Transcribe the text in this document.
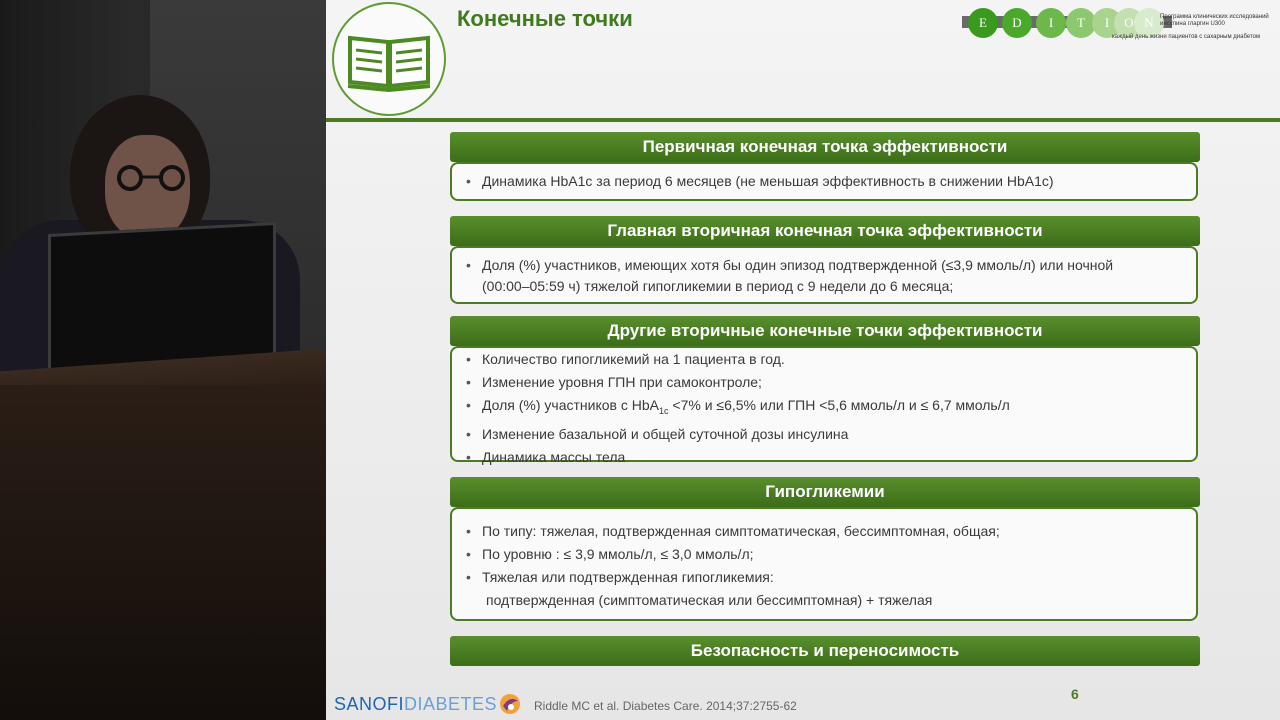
Конечные точки	E	D	I	T	I	O N	Программа клинических исследований инсулина гларгин U300
каждый день жизни пациентов с сахарным диабетом
Первичная конечная точка эффективности
• Динамика HbA1c за период 6 месяцев (не меньшая эффективность в снижении HbA1c)
Главная вторичная конечная точка эффективности
• Доля (%) участников, имеющих хотя бы один эпизод подтвержденной (≤3,9 ммоль/л) или ночной (00:00–05:59 ч) тяжелой гипогликемии в период с 9 недели до 6 месяца;
Другие вторичные конечные точки эффективности
• Количество гипогликемий на 1 пациента в год.
• Изменение уровня ГПН при самоконтроле;
• Доля (%) участников с HbA$_{1c}$ <7% и ≤6,5% или ГПН <5,6 ммоль/л и ≤ 6,7 ммоль/л
• Изменение базальной и общей суточной дозы инсулина
• Динамика массы тела
Гипогликемии
• По типу: тяжелая, подтвержденная симптоматическая, бессимптомная, общая;
• По уровню : ≤ 3,9 ммоль/л, ≤ 3,0 ммоль/л;
• Тяжелая или подтвержденная гипогликемия:
подтвержденная (симптоматическая или бессимптомная) + тяжелая
Безопасность и переносимость
SANOFIDIABETES	Riddle MC et al. Diabetes Care. 2014;37:2755-62
6
